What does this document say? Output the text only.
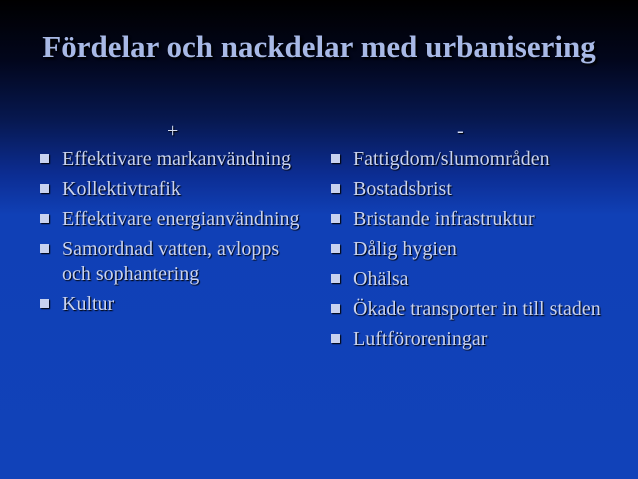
Fördelar och nackdelar med urbanisering
+
Effektivare markanvändning
Kollektivtrafik
Effektivare energianvändning
Samordnad vatten, avlopps och sophantering
Kultur
-
Fattigdom/slumområden
Bostadsbrist
Bristande infrastruktur
Dålig hygien
Ohälsa
Ökade transporter in till staden
Luftföroreningar
